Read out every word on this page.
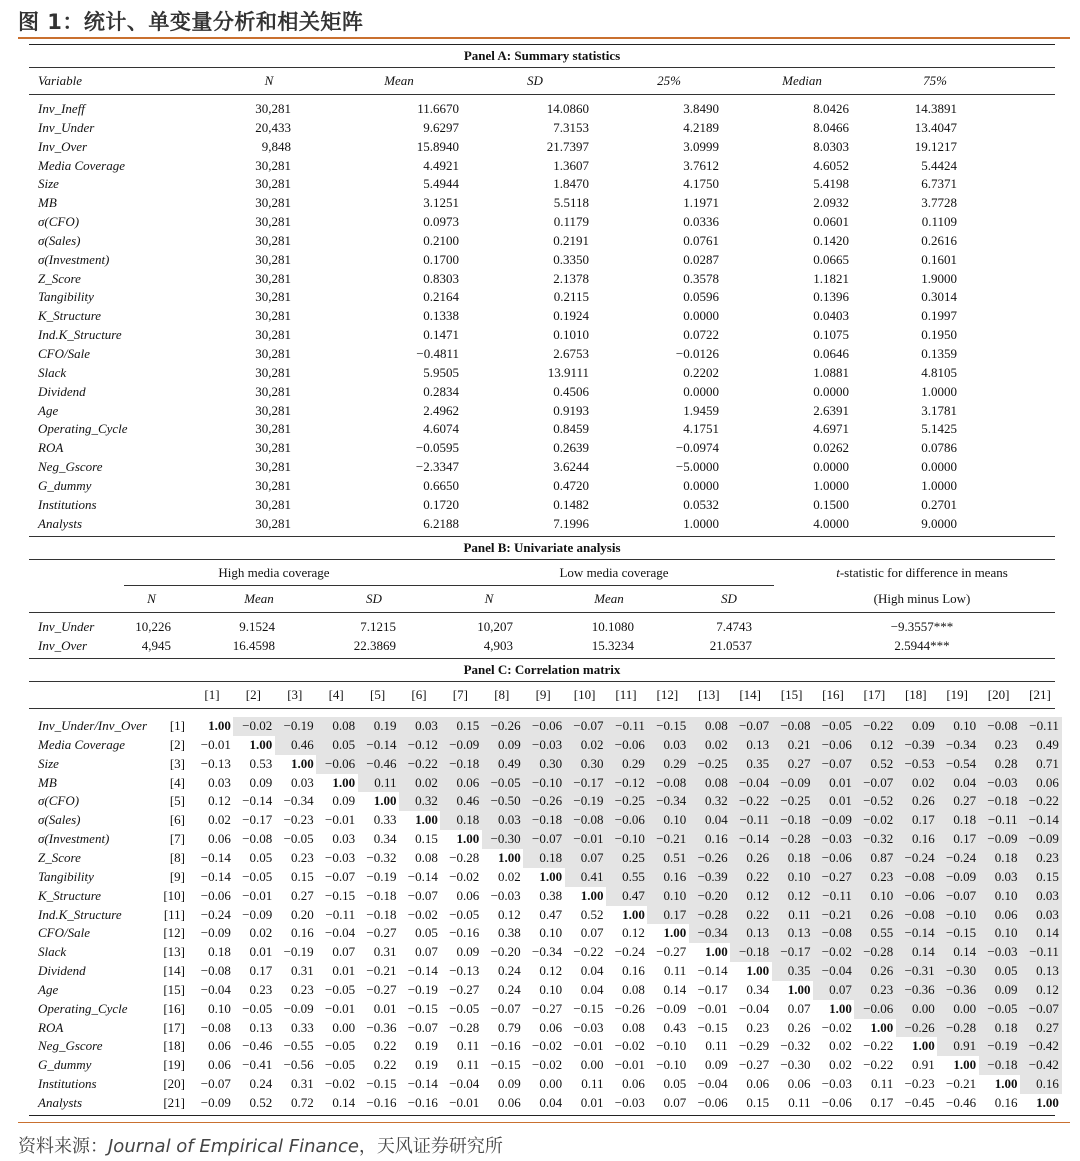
图 1：统计、单变量分析和相关矩阵
Panel A: Summary statistics
Variable	N	Mean	SD	25%	Median	75%
Inv_Ineff	30,281	11.6670	14.0860	3.8490	8.0426	14.3891
Inv_Under	20,433	9.6297	7.3153	4.2189	8.0466	13.4047
Inv_Over	9,848	15.8940	21.7397	3.0999	8.0303	19.1217
Media Coverage	30,281	4.4921	1.3607	3.7612	4.6052	5.4424
Size	30,281	5.4944	1.8470	4.1750	5.4198	6.7371
MB	30,281	3.1251	5.5118	1.1971	2.0932	3.7728
σ(CFO)	30,281	0.0973	0.1179	0.0336	0.0601	0.1109
σ(Sales)	30,281	0.2100	0.2191	0.0761	0.1420	0.2616
σ(Investment)	30,281	0.1700	0.3350	0.0287	0.0665	0.1601
Z_Score	30,281	0.8303	2.1378	0.3578	1.1821	1.9000
Tangibility	30,281	0.2164	0.2115	0.0596	0.1396	0.3014
K_Structure	30,281	0.1338	0.1924	0.0000	0.0403	0.1997
Ind.K_Structure	30,281	0.1471	0.1010	0.0722	0.1075	0.1950
CFO/Sale	30,281	−0.4811	2.6753	−0.0126	0.0646	0.1359
Slack	30,281	5.9505	13.9111	0.2202	1.0881	4.8105
Dividend	30,281	0.2834	0.4506	0.0000	0.0000	1.0000
Age	30,281	2.4962	0.9193	1.9459	2.6391	3.1781
Operating_Cycle	30,281	4.6074	0.8459	4.1751	4.6971	5.1425
ROA	30,281	−0.0595	0.2639	−0.0974	0.0262	0.0786
Neg_Gscore	30,281	−2.3347	3.6244	−5.0000	0.0000	0.0000
G_dummy	30,281	0.6650	0.4720	0.0000	1.0000	1.0000
Institutions	30,281	0.1720	0.1482	0.0532	0.1500	0.2701
Analysts	30,281	6.2188	7.1996	1.0000	4.0000	9.0000
Panel B: Univariate analysis
High media coverage	Low media coverage	t-statistic for difference in means
(High minus Low)
N	Mean	SD	N	Mean	SD
Inv_Under	10,226	9.1524	7.1215	10,207	10.1080	7.4743	−9.3557***
Inv_Over	4,945	16.4598	22.3869	4,903	15.3234	21.0537	2.5944***
Panel C: Correlation matrix
[1]	[2]	[3]	[4]	[5]	[6]	[7]	[8]	[9]	[10]	[11]	[12]	[13]	[14]	[15]	[16]	[17]	[18]	[19]	[20]	[21]
Inv_Under/Inv_Over	[1]	1.00 −0.02 −0.19	0.08	0.19	0.03	0.15 −0.26 −0.06 −0.07 −0.11 −0.15	0.08 −0.07 −0.08 −0.05 −0.22	0.09	0.10 −0.08 −0.11
Media Coverage	[2]	−0.01	1.00	0.46	0.05 −0.14 −0.12 −0.09	0.09 −0.03	0.02 −0.06	0.03	0.02	0.13	0.21 −0.06	0.12 −0.39 −0.34	0.23	0.49
Size	[3]	−0.13	0.53	1.00 −0.06 −0.46 −0.22 −0.18	0.49	0.30	0.30	0.29	0.29 −0.25	0.35	0.27 −0.07	0.52 −0.53 −0.54	0.28	0.71
MB	[4]	0.03	0.09	0.03	1.00	0.11	0.02	0.06 −0.05 −0.10 −0.17 −0.12 −0.08	0.08 −0.04 −0.09	0.01 −0.07	0.02	0.04 −0.03	0.06
σ(CFO)	[5]	0.12 −0.14 −0.34	0.09	1.00	0.32	0.46 −0.50 −0.26 −0.19 −0.25 −0.34	0.32 −0.22 −0.25	0.01 −0.52	0.26	0.27 −0.18 −0.22
σ(Sales)	[6]	0.02 −0.17 −0.23 −0.01	0.33	1.00	0.18	0.03 −0.18 −0.08 −0.06	0.10	0.04 −0.11 −0.18 −0.09 −0.02	0.17	0.18 −0.11 −0.14
σ(Investment)	[7]	0.06 −0.08 −0.05	0.03	0.34	0.15	1.00 −0.30 −0.07 −0.01 −0.10 −0.21	0.16 −0.14 −0.28 −0.03 −0.32	0.16	0.17 −0.09 −0.09
Z_Score	[8]	−0.14	0.05	0.23 −0.03 −0.32	0.08 −0.28	1.00	0.18	0.07	0.25	0.51 −0.26	0.26	0.18 −0.06	0.87 −0.24 −0.24	0.18	0.23
Tangibility	[9]	−0.14 −0.05	0.15 −0.07 −0.19 −0.14 −0.02	0.02	1.00	0.41	0.55	0.16 −0.39	0.22	0.10 −0.27	0.23 −0.08 −0.09	0.03	0.15
K_Structure	[10]	−0.06 −0.01	0.27 −0.15 −0.18 −0.07	0.06 −0.03	0.38	1.00	0.47	0.10 −0.20	0.12	0.12 −0.11	0.10 −0.06 −0.07	0.10	0.03
Ind.K_Structure	[11]	−0.24 −0.09	0.20 −0.11 −0.18 −0.02 −0.05	0.12	0.47	0.52	1.00	0.17 −0.28	0.22	0.11 −0.21	0.26 −0.08 −0.10	0.06	0.03
CFO/Sale	[12]	−0.09	0.02	0.16 −0.04 −0.27	0.05 −0.16	0.38	0.10	0.07	0.12	1.00 −0.34	0.13	0.13 −0.08	0.55 −0.14 −0.15	0.10	0.14
Slack	[13]	0.18	0.01 −0.19	0.07	0.31	0.07	0.09 −0.20 −0.34 −0.22 −0.24 −0.27	1.00 −0.18 −0.17 −0.02 −0.28	0.14	0.14 −0.03 −0.11
Dividend	[14]	−0.08	0.17	0.31	0.01 −0.21 −0.14 −0.13	0.24	0.12	0.04	0.16	0.11 −0.14	1.00	0.35 −0.04	0.26 −0.31 −0.30	0.05	0.13
Age	[15]	−0.04	0.23	0.23 −0.05 −0.27 −0.19 −0.27	0.24	0.10	0.04	0.08	0.14 −0.17	0.34	1.00	0.07	0.23 −0.36 −0.36	0.09	0.12
Operating_Cycle	[16]	0.10 −0.05 −0.09 −0.01	0.01 −0.15 −0.05 −0.07 −0.27 −0.15 −0.26 −0.09 −0.01 −0.04	0.07	1.00 −0.06	0.00	0.00 −0.05 −0.07
ROA	[17]	−0.08	0.13	0.33	0.00 −0.36 −0.07 −0.28	0.79	0.06 −0.03	0.08	0.43 −0.15	0.23	0.26 −0.02	1.00 −0.26 −0.28	0.18	0.27
Neg_Gscore	[18]	0.06 −0.46 −0.55 −0.05	0.22	0.19	0.11 −0.16 −0.02 −0.01 −0.02 −0.10	0.11 −0.29 −0.32	0.02 −0.22	1.00	0.91 −0.19 −0.42
G_dummy	[19]	0.06 −0.41 −0.56 −0.05	0.22	0.19	0.11 −0.15 −0.02	0.00 −0.01 −0.10	0.09 −0.27 −0.30	0.02 −0.22	0.91	1.00 −0.18 −0.42
Institutions	[20]	−0.07	0.24	0.31 −0.02 −0.15 −0.14 −0.04	0.09	0.00	0.11	0.06	0.05 −0.04	0.06	0.06 −0.03	0.11 −0.23 −0.21	1.00	0.16
Analysts	[21]	−0.09	0.52	0.72	0.14 −0.16 −0.16 −0.01	0.06	0.04	0.01 −0.03	0.07 −0.06	0.15	0.11 −0.06	0.17 −0.45 −0.46	0.16	1.00
资料来源：Journal of Empirical Finance，天风证券研究所
